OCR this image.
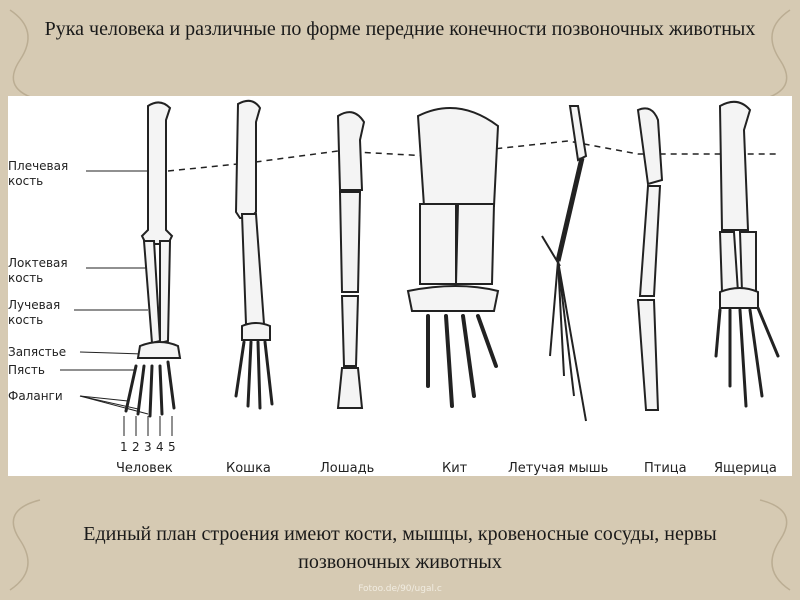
Рука человека и различные по форме передние конечности позвоночных животных
Плечевая
кость
Локтевая
кость
Лучевая
кость
Запястье
Пясть
Фаланги
1 2 3 4 5
Человек	Кошка	Лошадь	Кит	Летучая мышь	Птица Ящерица
Единый план строения имеют кости, мышцы, кровеносные сосуды, нервы позвоночных животных
Fotoo.de/90/ugal.c
